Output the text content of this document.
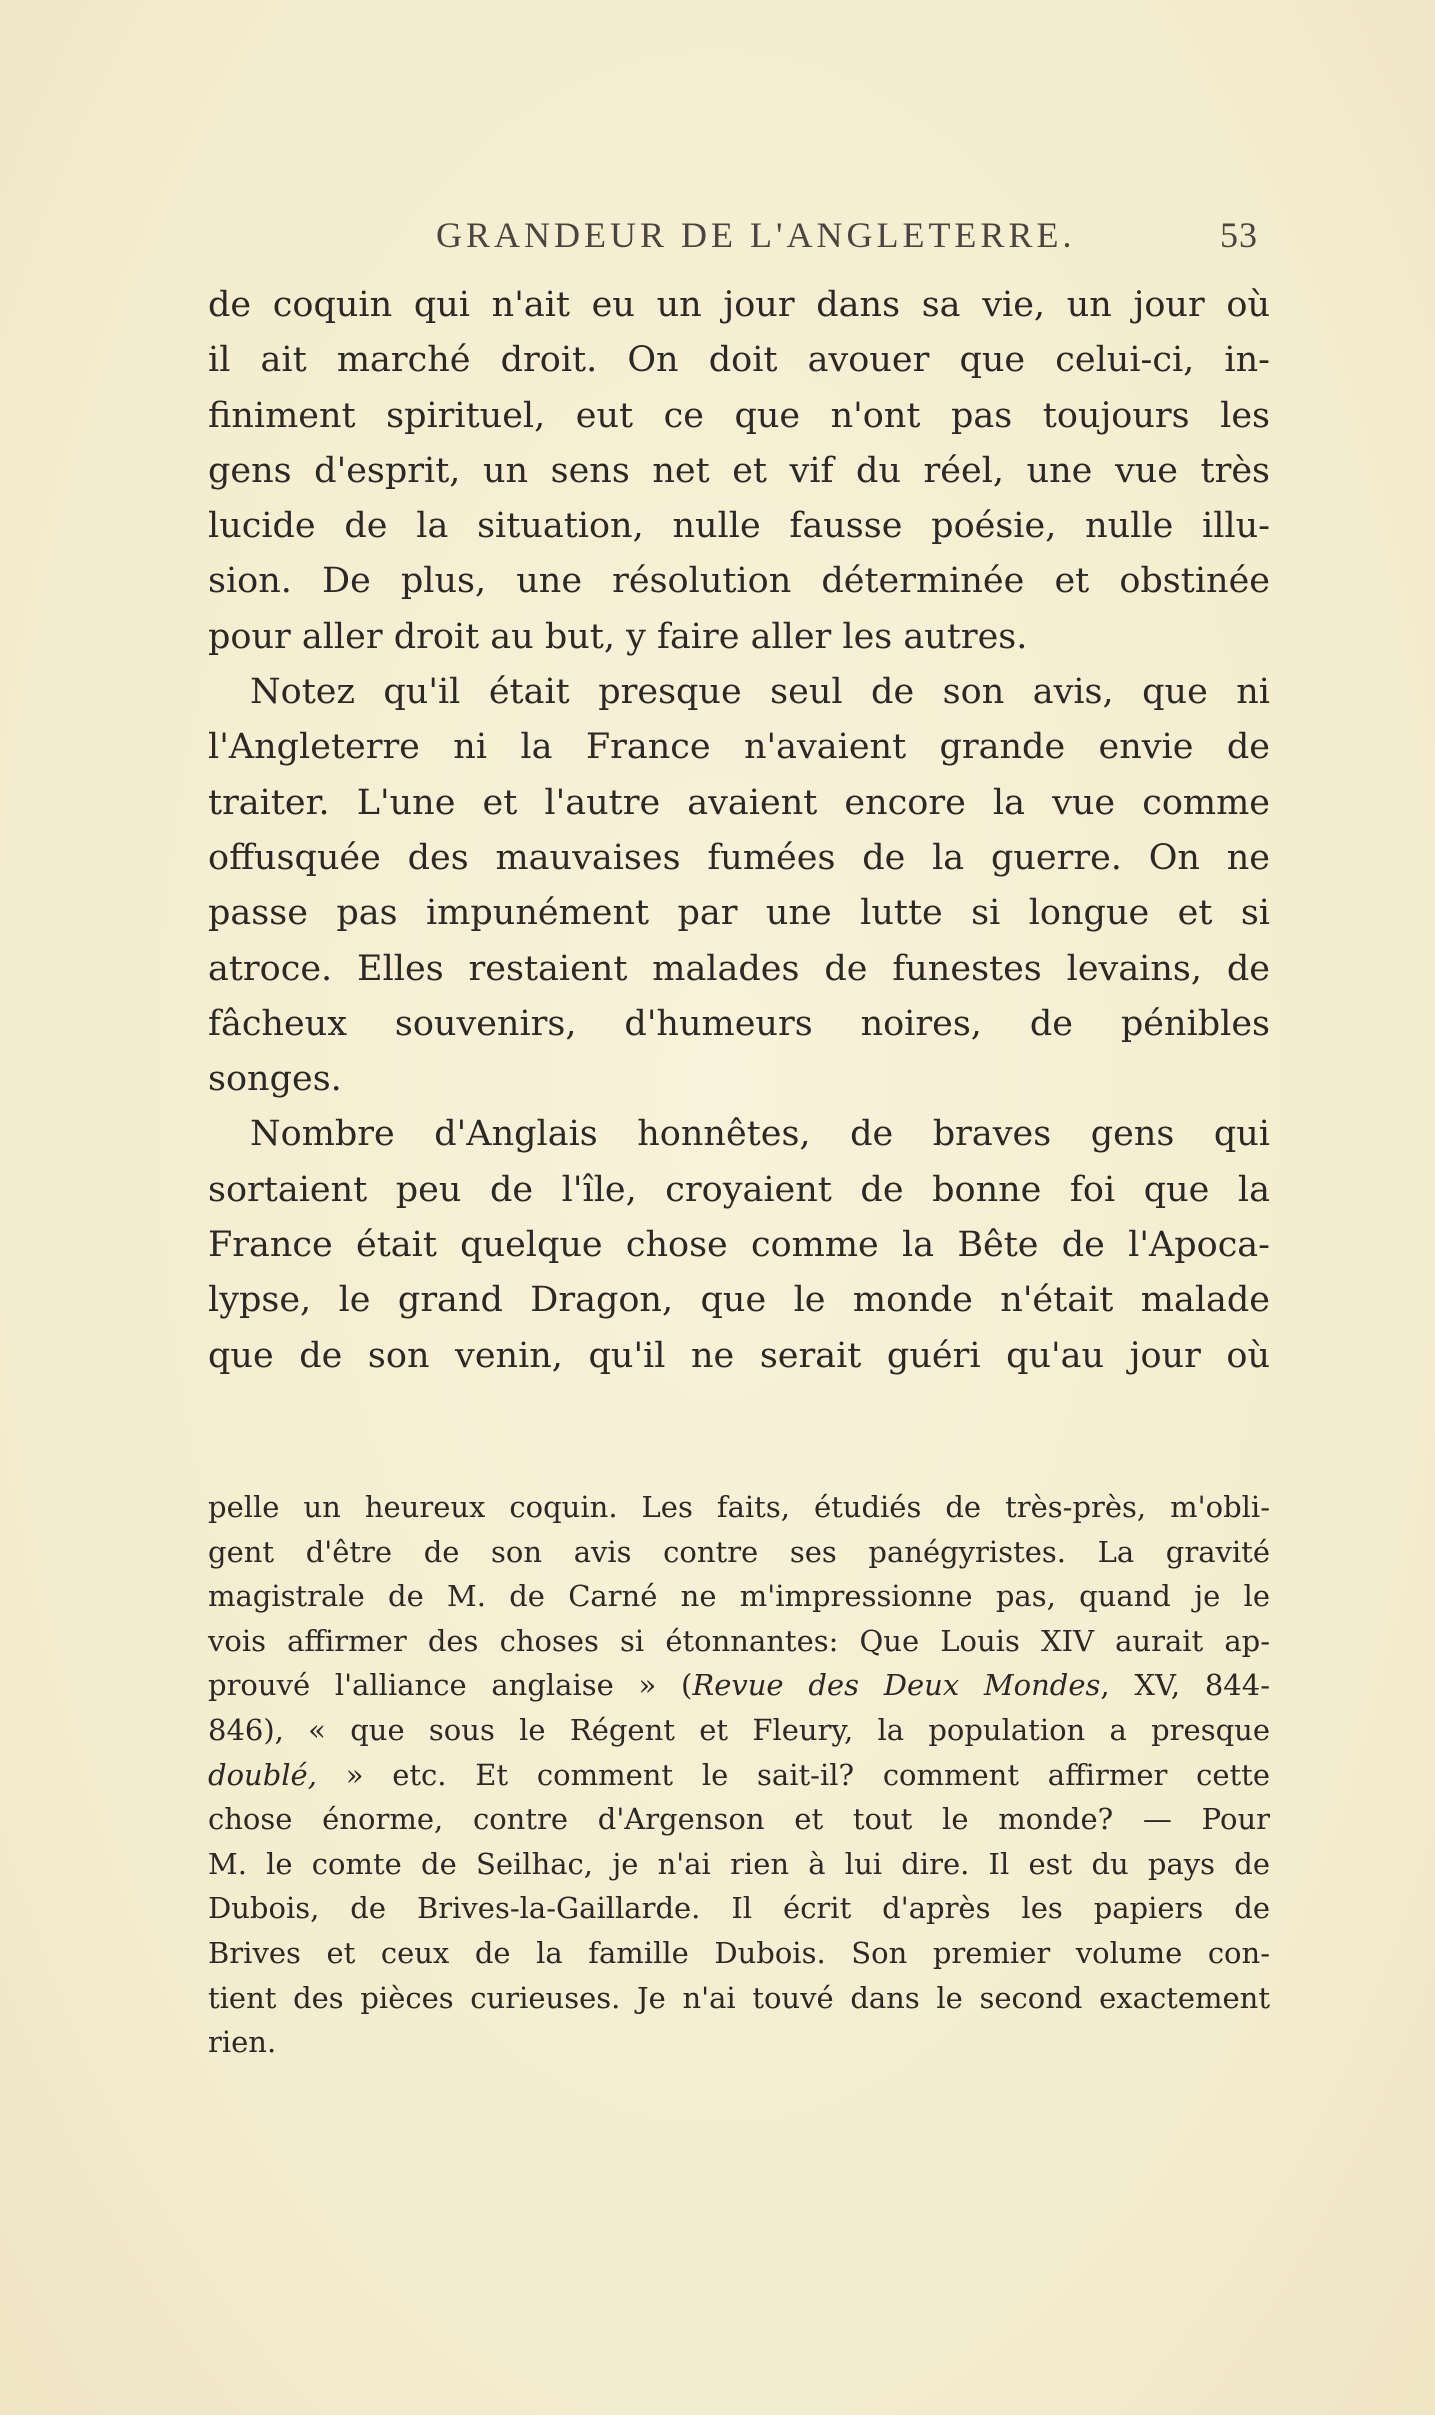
GRANDEUR DE L'ANGLETERRE.	53
de coquin qui n'ait eu un jour dans sa vie, un jour où
il ait marché droit. On doit avouer que celui-ci, in-
finiment spirituel, eut ce que n'ont pas toujours les
gens d'esprit, un sens net et vif du réel, une vue très
lucide de la situation, nulle fausse poésie, nulle illu-
sion. De plus, une résolution déterminée et obstinée
pour aller droit au but, y faire aller les autres.
Notez qu'il était presque seul de son avis, que ni
l'Angleterre ni la France n'avaient grande envie de
traiter. L'une et l'autre avaient encore la vue comme
offusquée des mauvaises fumées de la guerre. On ne
passe pas impunément par une lutte si longue et si
atroce. Elles restaient malades de funestes levains, de
fâcheux souvenirs, d'humeurs noires, de pénibles
songes.
Nombre d'Anglais honnêtes, de braves gens qui
sortaient peu de l'île, croyaient de bonne foi que la
France était quelque chose comme la Bête de l'Apoca-
lypse, le grand Dragon, que le monde n'était malade
que de son venin, qu'il ne serait guéri qu'au jour où
pelle un heureux coquin. Les faits, étudiés de très-près, m'obli-
gent d'être de son avis contre ses panégyristes. La gravité
magistrale de M. de Carné ne m'impressionne pas, quand je le
vois affirmer des choses si étonnantes: Que Louis XIV aurait ap-
prouvé l'alliance anglaise » (Revue des Deux Mondes, XV, 844-
846), « que sous le Régent et Fleury, la population a presque
doublé, » etc. Et comment le sait-il? comment affirmer cette
chose énorme, contre d'Argenson et tout le monde? — Pour
M. le comte de Seilhac, je n'ai rien à lui dire. Il est du pays de
Dubois, de Brives-la-Gaillarde. Il écrit d'après les papiers de
Brives et ceux de la famille Dubois. Son premier volume con-
tient des pièces curieuses. Je n'ai touvé dans le second exactement
rien.
